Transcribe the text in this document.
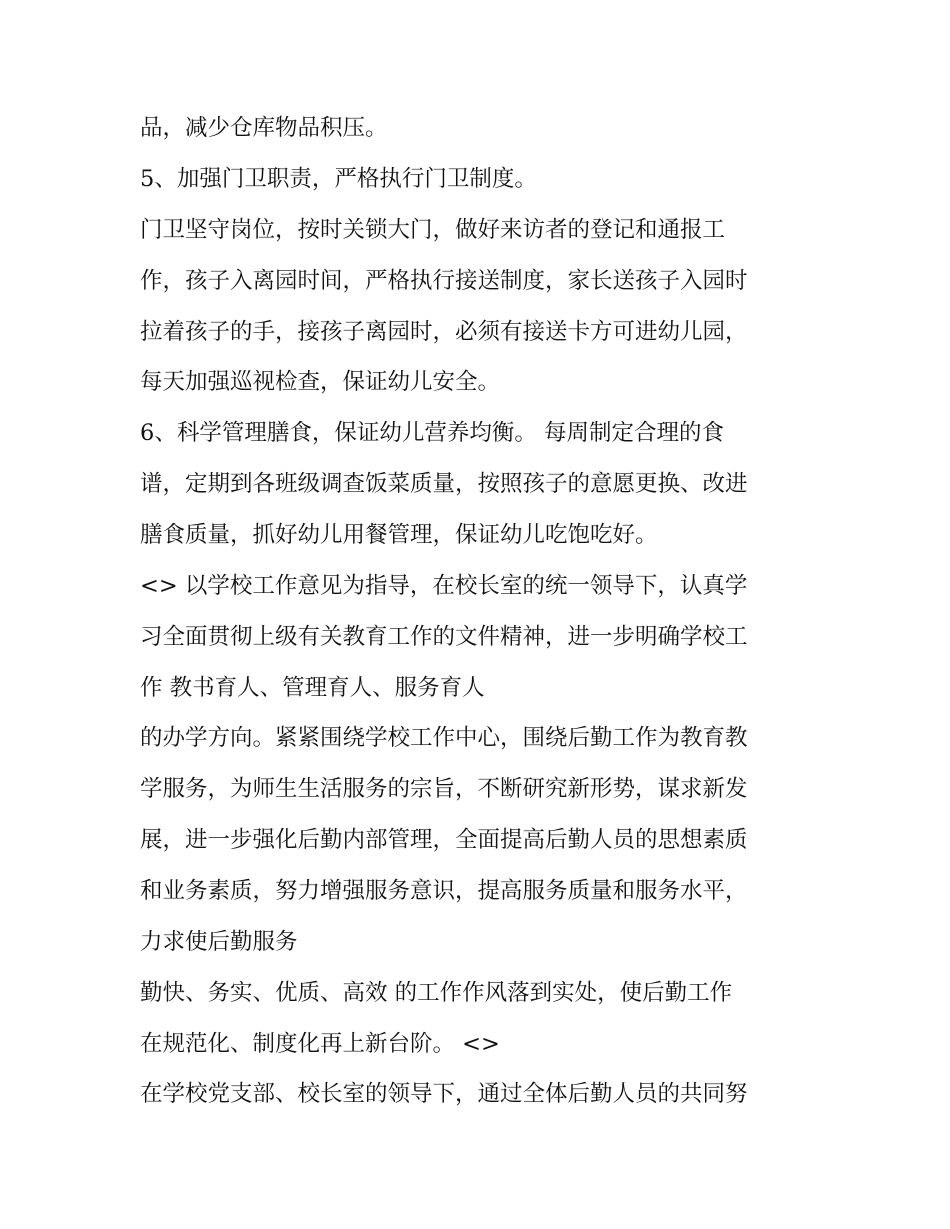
品，减少仓库物品积压。
5、加强门卫职责，严格执行门卫制度。
门卫坚守岗位，按时关锁大门，做好来访者的登记和通报工
作，孩子入离园时间，严格执行接送制度，家长送孩子入园时
拉着孩子的手，接孩子离园时，必须有接送卡方可进幼儿园，
每天加强巡视检查，保证幼儿安全。
6、科学管理膳食，保证幼儿营养均衡。 每周制定合理的食
谱，定期到各班级调查饭菜质量，按照孩子的意愿更换、改进
膳食质量，抓好幼儿用餐管理，保证幼儿吃饱吃好。
<> 以学校工作意见为指导，在校长室的统一领导下，认真学
习全面贯彻上级有关教育工作的文件精神，进一步明确学校工
作 教书育人、管理育人、服务育人
的办学方向。紧紧围绕学校工作中心，围绕后勤工作为教育教
学服务，为师生生活服务的宗旨，不断研究新形势，谋求新发
展，进一步强化后勤内部管理，全面提高后勤人员的思想素质
和业务素质，努力增强服务意识，提高服务质量和服务水平，
力求使后勤服务
勤快、务实、优质、高效 的工作作风落到实处，使后勤工作
在规范化、制度化再上新台阶。 <>
在学校党支部、校长室的领导下，通过全体后勤人员的共同努
